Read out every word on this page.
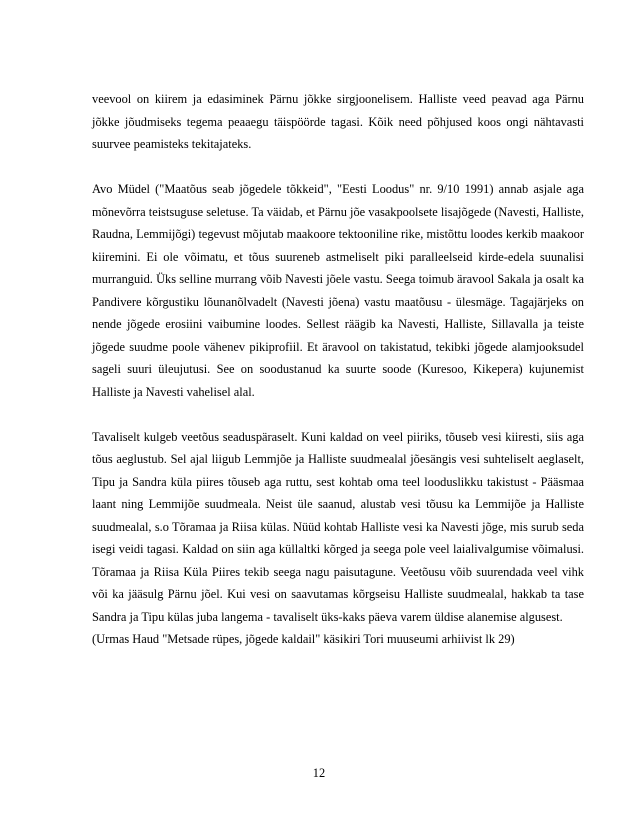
veevool on kiirem ja edasiminek Pärnu jõkke sirgjoonelisem. Halliste veed peavad aga Pärnu jõkke jõudmiseks tegema peaaegu täispöörde tagasi. Kõik need põhjused koos ongi nähtavasti suurvee peamisteks tekitajateks.

Avo Müdel ("Maatõus seab jõgedele tõkkeid", "Eesti Loodus" nr. 9/10 1991) annab asjale aga mõnevõrra teistsuguse seletuse. Ta väidab, et Pärnu jõe vasakpoolsete lisajõgede (Navesti, Halliste, Raudna, Lemmijõgi) tegevust mõjutab maakoore tektooniline rike, mistõttu loodes kerkib maakoor kiiremini. Ei ole võimatu, et tõus suureneb astmeliselt piki paralleelseid kirde-edela suunalisi murranguid. Üks selline murrang võib Navesti jõele vastu. Seega toimub äravool Sakala ja osalt ka Pandivere kõrgustiku lõunanõlvadelt (Navesti jõena) vastu maatõusu - ülesmäge. Tagajärjeks on nende jõgede erosiini vaibumine loodes. Sellest räägib ka Navesti, Halliste, Sillavalla ja teiste jõgede suudme poole vähenev pikiprofiil. Et äravool on takistatud, tekibki jõgede alamjooksudel sageli suuri üleujutusi. See on soodustanud ka suurte soode (Kuresoo, Kikepera) kujunemist Halliste ja Navesti vahelisel alal.

Tavaliselt kulgeb veetõus seaduspäraselt. Kuni kaldad on veel piiriks, tõuseb vesi kiiresti, siis aga tõus aeglustub. Sel ajal liigub Lemmjõe ja Halliste suudmealal jõesängis vesi suhteliselt aeglaselt, Tipu ja Sandra küla piires tõuseb aga ruttu, sest kohtab oma teel looduslikku takistust - Pääsmaa laant ning Lemmijõe suudmeala. Neist üle saanud, alustab vesi tõusu ka Lemmijõe ja Halliste suudmealal, s.o Tõramaa ja Riisa külas. Nüüd kohtab Halliste vesi ka Navesti jõge, mis surub seda isegi veidi tagasi. Kaldad on siin aga küllaltki kõrged ja seega pole veel laialivalgumise võimalusi. Tõramaa ja Riisa Küla Piires tekib seega nagu paisutagune. Veetõusu võib suurendada veel vihk või ka jääsulg Pärnu jõel. Kui vesi on saavutamas kõrgseisu Halliste suudmealal, hakkab ta tase Sandra ja Tipu külas juba langema - tavaliselt üks-kaks päeva varem üldise alanemise algusest.

(Urmas Haud "Metsade rüpes, jõgede kaldail" käsikiri Tori muuseumi arhiivist lk 29)

12
